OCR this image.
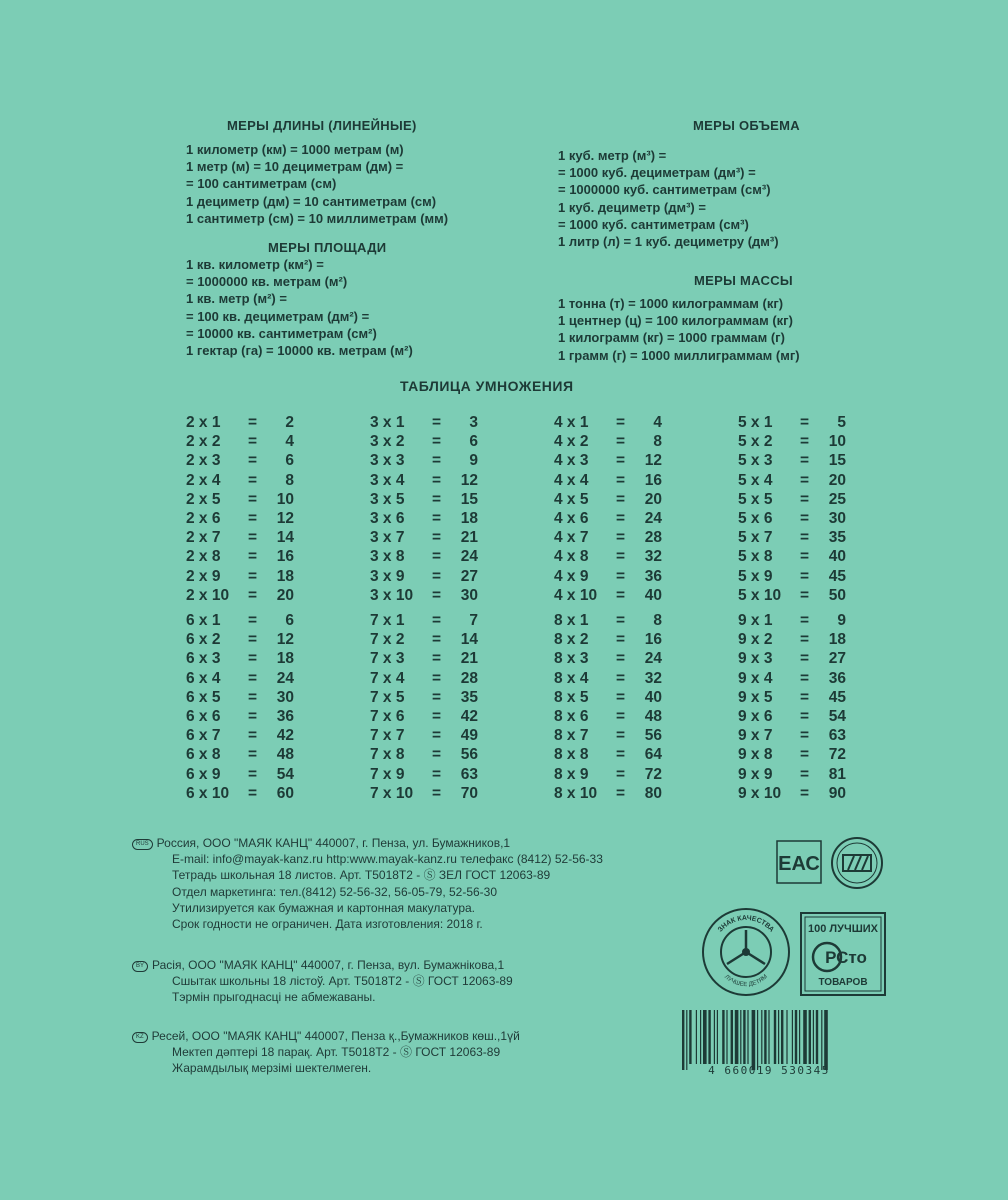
МЕРЫ ДЛИНЫ (ЛИНЕЙНЫЕ)
1 километр (км) = 1000 метрам (м)
1 метр (м) = 10 дециметрам (дм) =
= 100 сантиметрам (см)
1 дециметр (дм) = 10 сантиметрам (см)
1 сантиметр (см) = 10 миллиметрам (мм)
МЕРЫ ПЛОЩАДИ
1 кв. километр (км²) =
= 1000000 кв. метрам (м²)
1 кв. метр (м²) =
= 100 кв. дециметрам (дм²) =
= 10000 кв. сантиметрам (см²)
1 гектар (га) = 10000 кв. метрам (м²)
МЕРЫ ОБЪЕМА
1 куб. метр (м³) =
= 1000 куб. дециметрам (дм³) =
= 1000000 куб. сантиметрам (см³)
1 куб. дециметр (дм³) =
= 1000 куб. сантиметрам (см³)
1 литр (л) = 1 куб. дециметру (дм³)
МЕРЫ МАССЫ
1 тонна (т) = 1000 килограммам (кг)
1 центнер (ц) = 100 килограммам (кг)
1 килограмм (кг) = 1000 граммам (г)
1 грамм (г) = 1000 миллиграммам (мг)
ТАБЛИЦА УМНОЖЕНИЯ
2 x 1 = 2
2 x 2 = 4
2 x 3 = 6
2 x 4 = 8
2 x 5 = 10
2 x 6 = 12
2 x 7 = 14
2 x 8 = 16
2 x 9 = 18
2 x 10 = 20
3 x 1 = 3
3 x 2 = 6
3 x 3 = 9
3 x 4 = 12
3 x 5 = 15
3 x 6 = 18
3 x 7 = 21
3 x 8 = 24
3 x 9 = 27
3 x 10 = 30
4 x 1 = 4
4 x 2 = 8
4 x 3 = 12
4 x 4 = 16
4 x 5 = 20
4 x 6 = 24
4 x 7 = 28
4 x 8 = 32
4 x 9 = 36
4 x 10 = 40
5 x 1 = 5
5 x 2 = 10
5 x 3 = 15
5 x 4 = 20
5 x 5 = 25
5 x 6 = 30
5 x 7 = 35
5 x 8 = 40
5 x 9 = 45
5 x 10 = 50
6 x 1 = 6
6 x 2 = 12
6 x 3 = 18
6 x 4 = 24
6 x 5 = 30
6 x 6 = 36
6 x 7 = 42
6 x 8 = 48
6 x 9 = 54
6 x 10 = 60
7 x 1 = 7
7 x 2 = 14
7 x 3 = 21
7 x 4 = 28
7 x 5 = 35
7 x 6 = 42
7 x 7 = 49
7 x 8 = 56
7 x 9 = 63
7 x 10 = 70
8 x 1 = 8
8 x 2 = 16
8 x 3 = 24
8 x 4 = 32
8 x 5 = 40
8 x 6 = 48
8 x 7 = 56
8 x 8 = 64
8 x 9 = 72
8 x 10 = 80
9 x 1 = 9
9 x 2 = 18
9 x 3 = 27
9 x 4 = 36
9 x 5 = 45
9 x 6 = 54
9 x 7 = 63
9 x 8 = 72
9 x 9 = 81
9 x 10 = 90
RUS Россия, ООО "МАЯК КАНЦ" 440007, г. Пенза, ул. Бумажников,1
E-mail: info@mayak-kanz.ru http:www.mayak-kanz.ru телефакс (8412) 52-56-33
Тетрадь школьная 18 листов. Арт. Т5018Т2 - Ⓢ ЗЕЛ ГОСТ 12063-89
Отдел маркетинга: тел.(8412) 52-56-32, 56-05-79, 52-56-30
Утилизируется как бумажная и картонная макулатура.
Срок годности не ограничен. Дата изготовления: 2018 г.
BY Расія, ООО "МАЯК КАНЦ" 440007, г. Пенза, вул. Бумажнікова,1
Сшытак школьны 18 лістоў. Арт. Т5018Т2 - Ⓢ ГОСТ 12063-89
Тэрмін прыгоднасці не абмежаваны.
KZ Ресей, ООО "МАЯК КАНЦ" 440007, Пенза қ.,Бумажников көш.,1үй
Мектеп дәптері 18 парақ. Арт. Т5018Т2 - Ⓢ ГОСТ 12063-89
Жарамдылық мерзімі шектелмеген.
ЕАС
ЗНАК КАЧЕСТВА
ЛУЧШЕЕ ДЕТЯМ
100 ЛУЧШИХ
РСто
ТОВАРОВ
4 660019 530345
